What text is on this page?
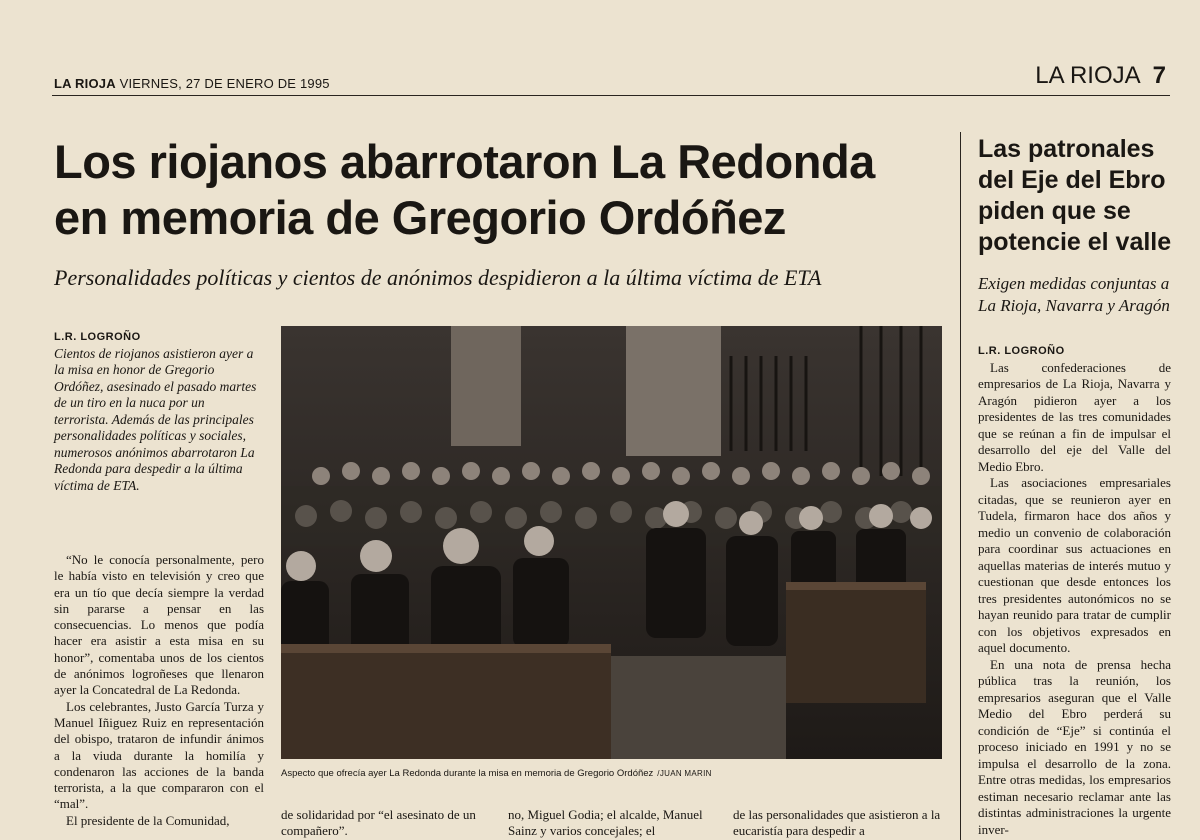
LA RIOJA VIERNES, 27 DE ENERO DE 1995	LA RIOJA 7
Los riojanos abarrotaron La Redonda
en memoria de Gregorio Ordóñez
Personalidades políticas y cientos de anónimos despidieron a la última víctima de ETA
L.R. LOGROÑO

Cientos de riojanos asistieron ayer a la misa en honor de Gregorio Ordóñez, asesinado el pasado martes de un tiro en la nuca por un terrorista. Además de las principales personalidades políticas y sociales, numerosos anónimos abarrotaron La Redonda para despedir a la última víctima de ETA.

“No le conocía personalmente, pero le había visto en televisión y creo que era un tío que decía siempre la verdad sin pararse a pensar en las consecuencias. Lo menos que podía hacer era asistir a esta misa en su honor”, comentaba unos de los cientos de anónimos logroñeses que llenaron ayer la Concatedral de La Redonda.

Los celebrantes, Justo García Turza y Manuel Iñiguez Ruiz en representación del obispo, trataron de infundir ánimos a la viuda durante la homilía y condenaron las acciones de la banda terrorista, a la que compararon con el “mal”.

El presidente de la Comunidad,

Aspecto que ofrecía ayer La Redonda durante la misa en memoria de Gregorio Ordóñez /JUAN MARIN
de solidaridad por “el asesinato de un compañero”.
no, Miguel Godia; el alcalde, Manuel Sainz y varios concejales; el
de las personalidades que asistieron a la eucaristía para despedir a
Las patronales del Eje del Ebro piden que se potencie el valle
Exigen medidas conjuntas a La Rioja, Navarra y Aragón
L.R. LOGROÑO

Las confederaciones de empresarios de La Rioja, Navarra y Aragón pidieron ayer a los presidentes de las tres comunidades que se reúnan a fin de impulsar el desarrollo del eje del Valle del Medio Ebro.

Las asociaciones empresariales citadas, que se reunieron ayer en Tudela, firmaron hace dos años y medio un convenio de colaboración para coordinar sus actuaciones en aquellas materias de interés mutuo y cuestionan que desde entonces los tres presidentes autonómicos no se hayan reunido para tratar de cumplir con los objetivos expresados en aquel documento.

En una nota de prensa hecha pública tras la reunión, los empresarios aseguran que el Valle Medio del Ebro perderá su condición de “Eje” si continúa el proceso iniciado en 1991 y no se impulsa el desarrollo de la zona. Entre otras medidas, los empresarios estiman necesario reclamar ante las distintas administraciones la urgente inver-
